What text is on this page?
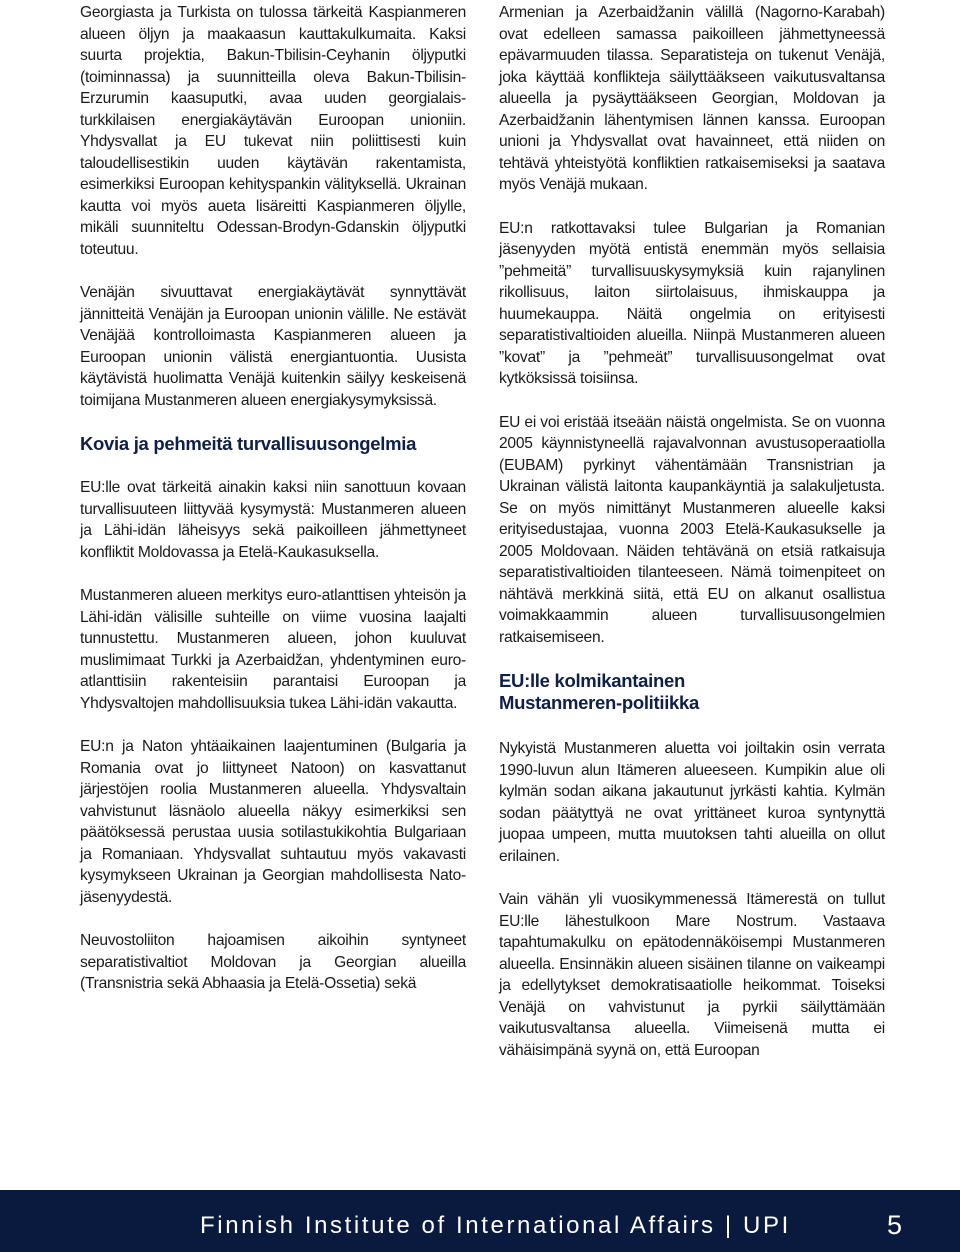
Georgiasta ja Turkista on tulossa tärkeitä Kaspianmeren alueen öljyn ja maakaasun kauttakulkumaita. Kaksi suurta projektia, Bakun-Tbilisin-Ceyhanin öljyputki (toiminnassa) ja suunnitteilla oleva Bakun-Tbilisin-Erzurumin kaasuputki, avaa uuden georgialais-turkkilaisen energiakäytävän Euroopan unioniin. Yhdysvallat ja EU tukevat niin poliittisesti kuin taloudellisestikin uuden käytävän rakentamista, esimerkiksi Euroopan kehityspankin välityksellä. Ukrainan kautta voi myös aueta lisäreitti Kaspianmeren öljylle, mikäli suunniteltu Odessan-Brodyn-Gdanskin öljyputki toteutuu.

Venäjän sivuuttavat energiakäytävät synnyttävät jännitteitä Venäjän ja Euroopan unionin välille. Ne estävät Venäjää kontrolloimasta Kaspianmeren alueen ja Euroopan unionin välistä energiantuontia. Uusista käytävistä huolimatta Venäjä kuitenkin säilyy keskeisenä toimijana Mustanmeren alueen energiakysymyksissä.

Kovia ja pehmeitä turvallisuusongelmia

EU:lle ovat tärkeitä ainakin kaksi niin sanottuun kovaan turvallisuuteen liittyvää kysymystä: Mustanmeren alueen ja Lähi-idän läheisyys sekä paikoilleen jähmettyneet konfliktit Moldovassa ja Etelä-Kaukasuksella.

Mustanmeren alueen merkitys euro-atlanttisen yhteisön ja Lähi-idän välisille suhteille on viime vuosina laajalti tunnustettu. Mustanmeren alueen, johon kuuluvat muslimimaat Turkki ja Azerbaidžan, yhdentyminen euro-atlanttisiin rakenteisiin parantaisi Euroopan ja Yhdysvaltojen mahdollisuuksia tukea Lähi-idän vakautta.

EU:n ja Naton yhtäaikainen laajentuminen (Bulgaria ja Romania ovat jo liittyneet Natoon) on kasvattanut järjestöjen roolia Mustanmeren alueella. Yhdysvaltain vahvistunut läsnäolo alueella näkyy esimerkiksi sen päätöksessä perustaa uusia sotilastukikohtia Bulgariaan ja Romaniaan. Yhdysvallat suhtautuu myös vakavasti kysymykseen Ukrainan ja Georgian mahdollisesta Nato-jäsenyydestä.

Neuvostoliiton hajoamisen aikoihin syntyneet separatistivaltiot Moldovan ja Georgian alueilla (Transnistria sekä Abhaasia ja Etelä-Ossetia) sekä

Armenian ja Azerbaidžanin välillä (Nagorno-Karabah) ovat edelleen samassa paikoilleen jähmettyneessä epävarmuuden tilassa. Separatisteja on tukenut Venäjä, joka käyttää konflikteja säilyttääkseen vaikutusvaltansa alueella ja pysäyttääkseen Georgian, Moldovan ja Azerbaidžanin lähentymisen lännen kanssa. Euroopan unioni ja Yhdysvallat ovat havainneet, että niiden on tehtävä yhteistyötä konfliktien ratkaisemiseksi ja saatava myös Venäjä mukaan.

EU:n ratkottavaksi tulee Bulgarian ja Romanian jäsenyyden myötä entistä enemmän myös sellaisia ”pehmeitä” turvallisuuskysymyksiä kuin rajanylinen rikollisuus, laiton siirtolaisuus, ihmiskauppa ja huumekauppa. Näitä ongelmia on erityisesti separatistivaltioiden alueilla. Niinpä Mustanmeren alueen ”kovat” ja ”pehmeät” turvallisuusongelmat ovat kytköksissä toisiinsa.

EU ei voi eristää itseään näistä ongelmista. Se on vuonna 2005 käynnistyneellä rajavalvonnan avustusoperaatiolla (EUBAM) pyrkinyt vähentämään Transnistrian ja Ukrainan välistä laitonta kaupankäyntiä ja salakuljetusta. Se on myös nimittänyt Mustanmeren alueelle kaksi erityisedustajaa, vuonna 2003 Etelä-Kaukasukselle ja 2005 Moldovaan. Näiden tehtävänä on etsiä ratkaisuja separatistivaltioiden tilanteeseen. Nämä toimenpiteet on nähtävä merkkinä siitä, että EU on alkanut osallistua voimakkaammin alueen turvallisuusongelmien ratkaisemiseen.

EU:lle kolmikantainen
Mustanmeren-politiikka

Nykyistä Mustanmeren aluetta voi joiltakin osin verrata 1990-luvun alun Itämeren alueeseen. Kumpikin alue oli kylmän sodan aikana jakautunut jyrkästi kahtia. Kylmän sodan päätyttyä ne ovat yrittäneet kuroa syntynyttä juopaa umpeen, mutta muutoksen tahti alueilla on ollut erilainen.

Vain vähän yli vuosikymmenessä Itämerestä on tullut EU:lle lähestulkoon Mare Nostrum. Vastaava tapahtumakulku on epätodennäköisempi Mustanmeren alueella. Ensinnäkin alueen sisäinen tilanne on vaikeampi ja edellytykset demokratisaatiolle heikommat. Toiseksi Venäjä on vahvistunut ja pyrkii säilyttämään vaikutusvaltansa alueella. Viimeisenä mutta ei vähäisimpänä syynä on, että Euroopan

Finnish Institute of International Affairs | UPI	5
